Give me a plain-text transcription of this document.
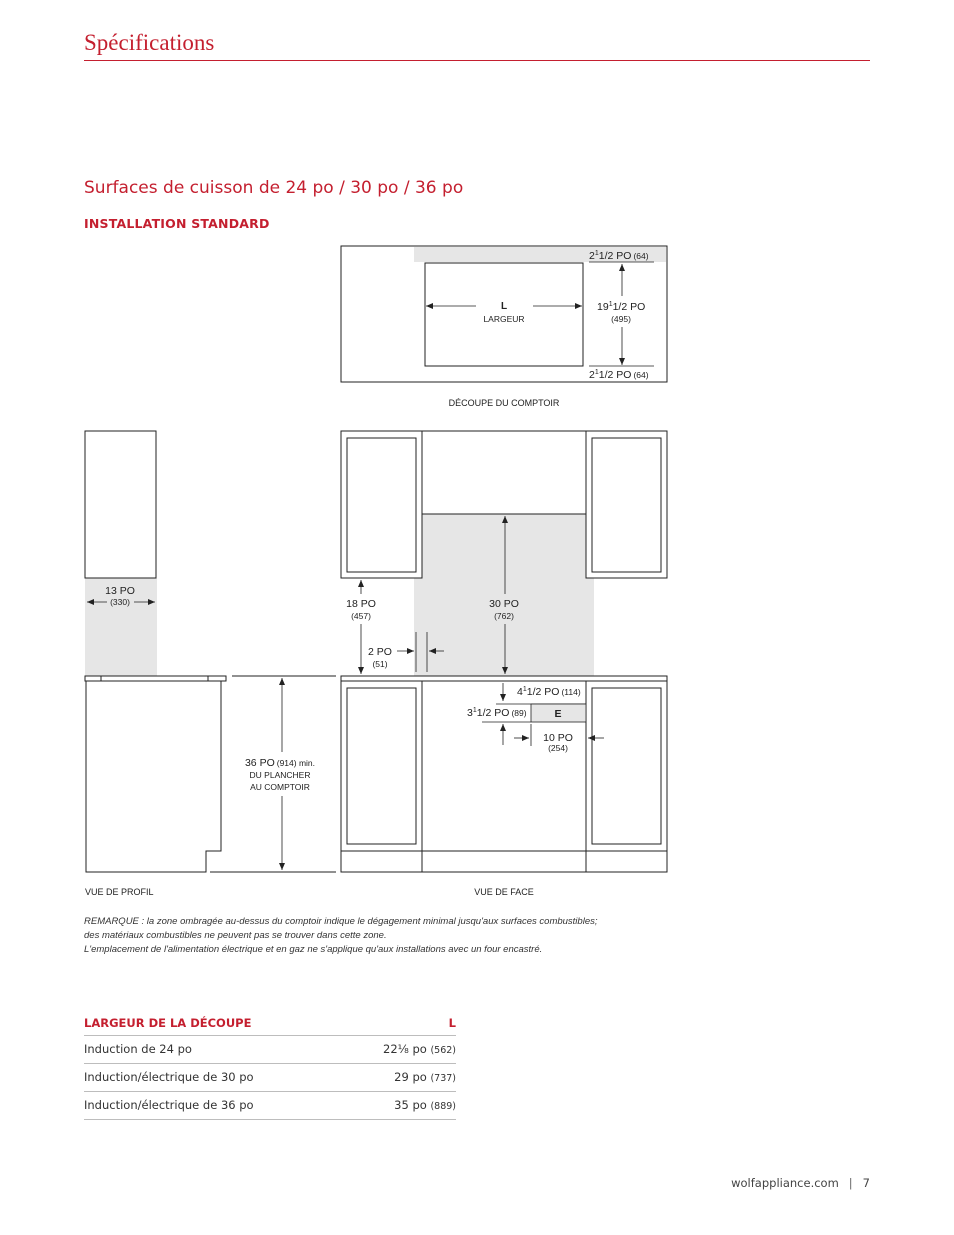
Spécifications
Surfaces de cuisson de 24 po / 30 po / 36 po
INSTALLATION STANDARD
L
LARGEUR
$2^11/2$ PO (64)
$19^11/2$ PO
(495)
$2^11/2$ PO (64)
DÉCOUPE DU COMPTOIR
13 PO
(330)
36 PO (914) min.
DU PLANCHER
AU COMPTOIR
VUE DE PROFIL
18 PO
(457)
30 PO
(762)
2 PO
(51)
$4^11/2$ PO (114)
E
$3^11/2$ PO (89)
10 PO
(254)
VUE DE FACE

REMARQUE : la zone ombragée au-dessus du comptoir indique le dégagement minimal jusqu'aux surfaces combustibles;
des matériaux combustibles ne peuvent pas se trouver dans cette zone.
L'emplacement de l'alimentation électrique et en gaz ne s'applique qu'aux installations avec un four encastré.

LARGEUR DE LA DÉCOUPE	L
Induction de 24 po	22⅛ po (562)
Induction/électrique de 30 po	29 po (737)
Induction/électrique de 36 po	35 po (889)
wolfappliance.com | 7
